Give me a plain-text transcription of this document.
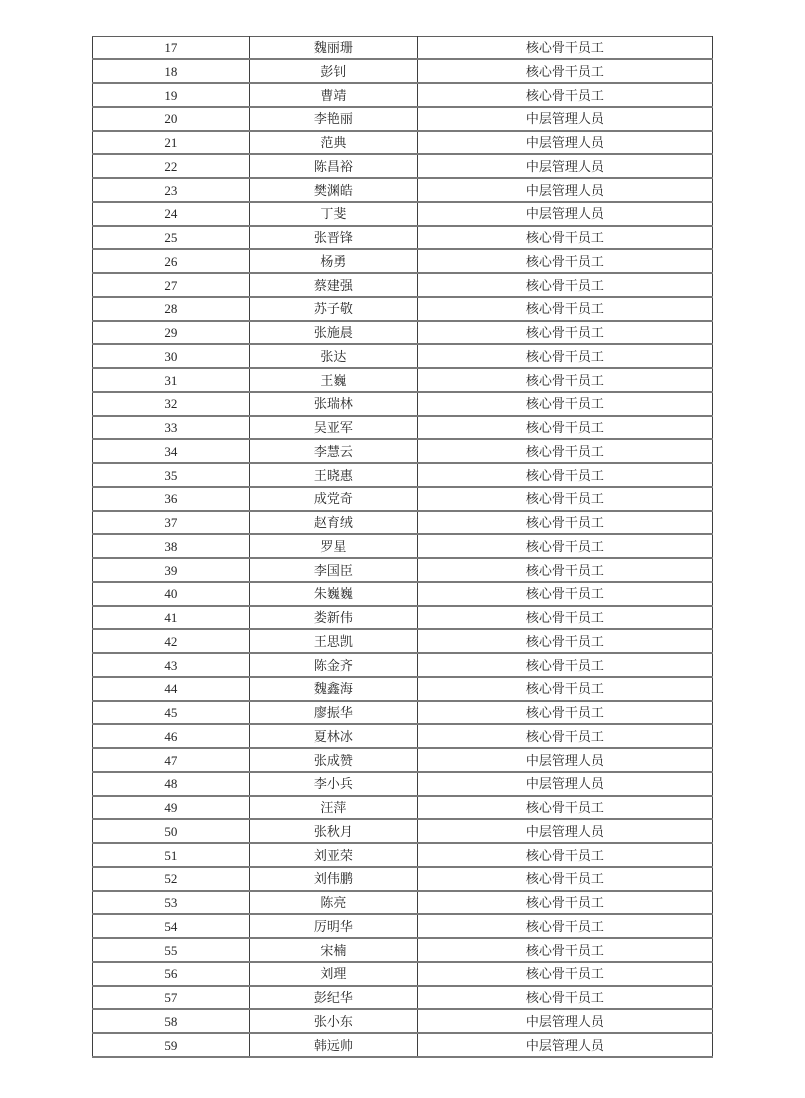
17	魏丽珊	核心骨干员工
18	彭钊	核心骨干员工
19	曹靖	核心骨干员工
20	李艳丽	中层管理人员
21	范典	中层管理人员
22	陈昌裕	中层管理人员
23	樊渊皓	中层管理人员
24	丁斐	中层管理人员
25	张晋锋	核心骨干员工
26	杨勇	核心骨干员工
27	蔡建强	核心骨干员工
28	苏子敬	核心骨干员工
29	张施晨	核心骨干员工
30	张达	核心骨干员工
31	王巍	核心骨干员工
32	张瑞林	核心骨干员工
33	吴亚军	核心骨干员工
34	李慧云	核心骨干员工
35	王晓惠	核心骨干员工
36	成党奇	核心骨干员工
37	赵育绒	核心骨干员工
38	罗星	核心骨干员工
39	李国臣	核心骨干员工
40	朱巍巍	核心骨干员工
41	娄新伟	核心骨干员工
42	王思凯	核心骨干员工
43	陈金齐	核心骨干员工
44	魏鑫海	核心骨干员工
45	廖振华	核心骨干员工
46	夏林冰	核心骨干员工
47	张成赞	中层管理人员
48	李小兵	中层管理人员
49	汪萍	核心骨干员工
50	张秋月	中层管理人员
51	刘亚荣	核心骨干员工
52	刘伟鹏	核心骨干员工
53	陈亮	核心骨干员工
54	厉明华	核心骨干员工
55	宋楠	核心骨干员工
56	刘理	核心骨干员工
57	彭纪华	核心骨干员工
58	张小东	中层管理人员
59	韩远帅	中层管理人员
